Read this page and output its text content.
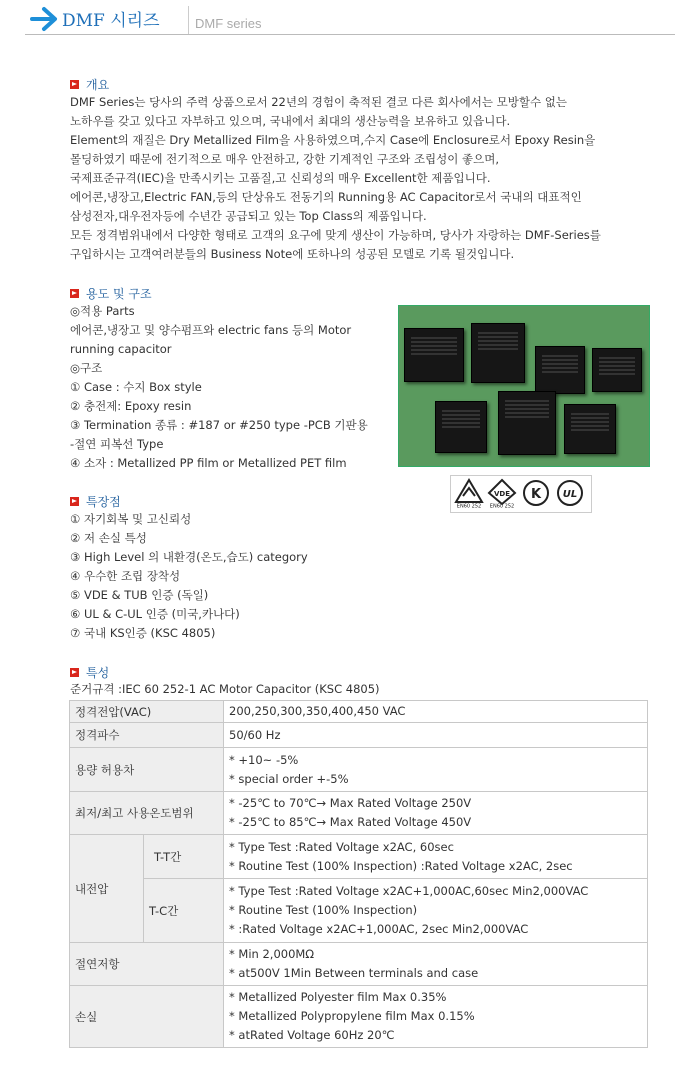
DMF 시리즈	DMF series
개요
DMF Series는 당사의 주력 상품으로서 22년의 경험이 축적된 결코 다른 회사에서는 모방할수 없는
노하우를 갖고 있다고 자부하고 있으며, 국내에서 최대의 생산능력을 보유하고 있읍니다.
Element의 재질은 Dry Metallized Film을 사용하였으며,수지 Case에 Enclosure로서 Epoxy Resin을
몰딩하였기 때문에 전기적으로 매우 안전하고, 강한 기계적인 구조와 조립성이 좋으며,
국제표준규격(IEC)을 만족시키는 고품질,고 신뢰성의 매우 Excellent한 제품입니다.
에어콘,냉장고,Electric FAN,등의 단상유도 전동기의 Running용 AC Capacitor로서 국내의 대표적인
삼성전자,대우전자등에 수년간 공급되고 있는 Top Class의 제품입니다.
모든 정격범위내에서 다양한 형태로 고객의 요구에 맞게 생산이 가능하며, 당사가 자랑하는 DMF-Series를
구입하시는 고객여러분들의 Business Note에 또하나의 성공된 모델로 기록 될것입니다.
용도 및 구조
◎적용 Parts
에어콘,냉장고 및 양수펌프와 electric fans 등의 Motor
running capacitor
◎구조
① Case : 수지 Box style
② 충전제: Epoxy resin
③ Termination 종류 : #187 or #250 type -PCB 기판용
-절연 피복선 Type
④ 소자 : Metallized PP film or Metallized PET film
EN60 252
VDE
EN60 252
K UL
특장점
① 자기회복 및 고신뢰성
② 저 손실 특성
③ High Level 의 내환경(온도,습도) category
④ 우수한 조립 장착성
⑤ VDE & TUB 인증 (독일)
⑥ UL & C-UL 인증 (미국,카나다)
⑦ 국내 KS인증 (KSC 4805)
특성
준거규격 :IEC 60 252-1 AC Motor Capacitor (KSC 4805)
정격전압(VAC)		200,250,300,350,400,450 VAC
정격파수		50/60 Hz
용량 허용차		* +10~ -5%
* special order +-5%

최저/최고 사용온도범위		* -25℃ to 70℃→ Max Rated Voltage 250V
* -25℃ to 85℃→ Max Rated Voltage 450V

내전압	T-T간	* Type Test :Rated Voltage x2AC, 60sec
* Routine Test (100% Inspection) :Rated Voltage x2AC, 2sec

	T-C간	* Type Test :Rated Voltage x2AC+1,000AC,60sec Min2,000VAC
* Routine Test (100% Inspection)
* :Rated Voltage x2AC+1,000AC, 2sec Min2,000VAC

절연저항		* Min 2,000MΩ
* at500V 1Min Between terminals and case

손실		* Metallized Polyester film Max 0.35%
* Metallized Polypropylene film Max 0.15%
* atRated Voltage 60Hz 20℃
